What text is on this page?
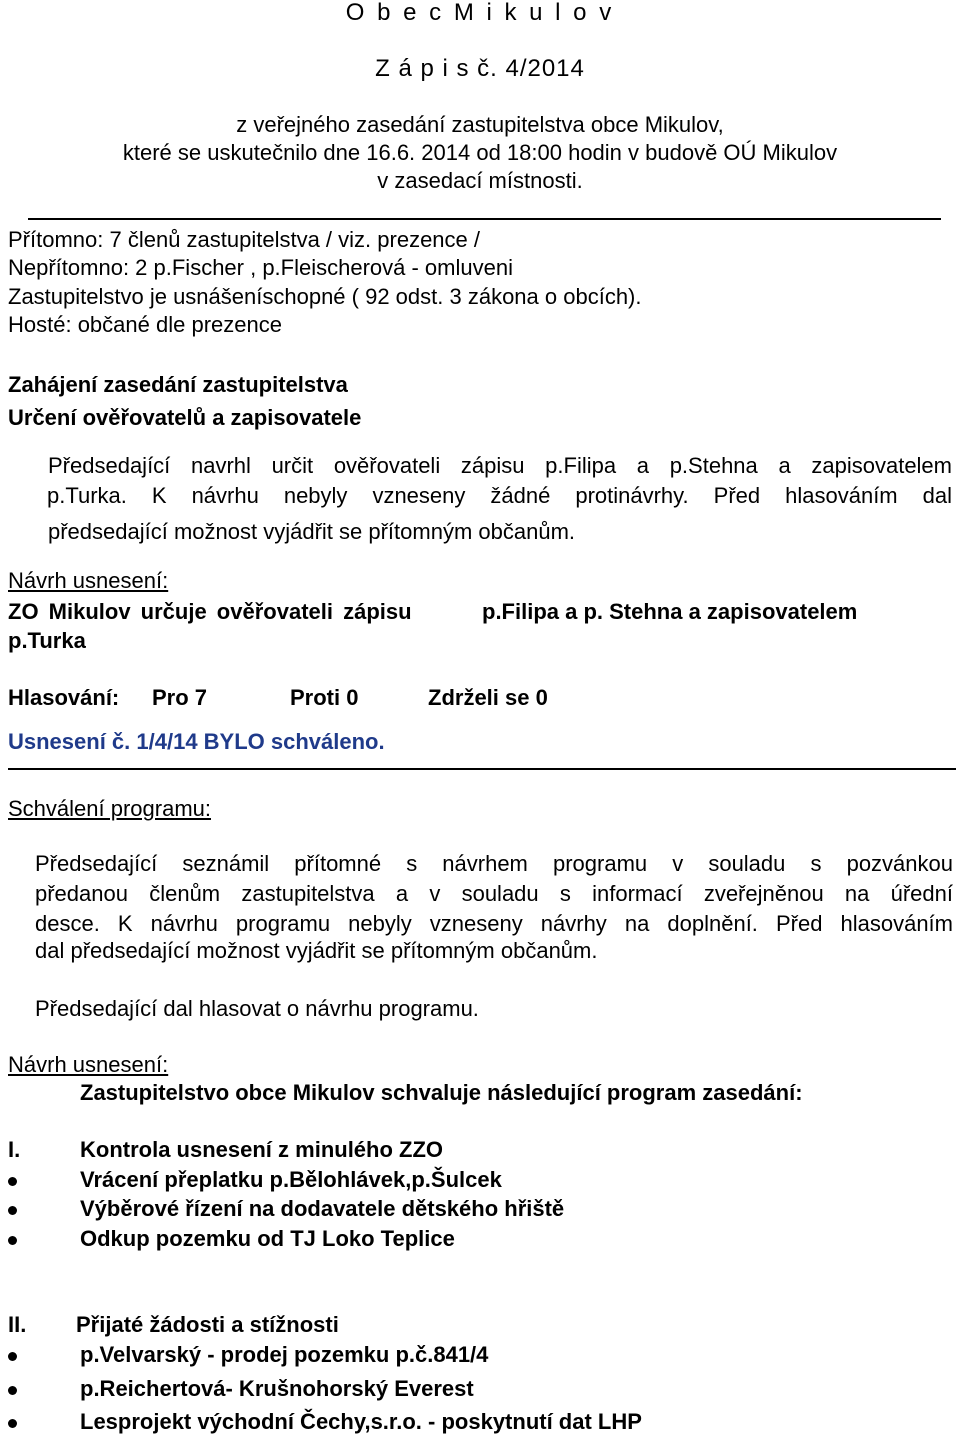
O b e c M i k u l o v
Z á p i s č. 4/2014
z veřejného zasedání zastupitelstva obce Mikulov,
které se uskutečnilo dne 16.6. 2014 od 18:00 hodin v budově OÚ Mikulov
v zasedací místnosti.
Přítomno: 7 členů zastupitelstva / viz. prezence /
Nepřítomno: 2 p.Fischer , p.Fleischerová - omluveni
Zastupitelstvo je usnášeníschopné ( 92 odst. 3 zákona o obcích).
Hosté: občané dle prezence
Zahájení zasedání zastupitelstva
Určení ověřovatelů a zapisovatele
Předsedající navrhl určit ověřovateli zápisu p.Filipa a p.Stehna a zapisovatelem
p.Turka. K návrhu nebyly vzneseny žádné protinávrhy. Před hlasováním dal
předsedající možnost vyjádřit se přítomným občanům.
Návrh usnesení:
ZO Mikulov určuje ověřovateli zápisu	p.Filipa a p. Stehna a zapisovatelem
p.Turka
Hlasování: Pro 7	Proti 0	Zdrželi se 0
Usnesení č. 1/4/14 BYLO schváleno.
Schválení programu:
Předsedající seznámil přítomné s návrhem programu v souladu s pozvánkou
předanou členům zastupitelstva a v souladu s informací zveřejněnou na úřední
desce. K návrhu programu nebyly vzneseny návrhy na doplnění. Před hlasováním
dal předsedající možnost vyjádřit se přítomným občanům.
Předsedající dal hlasovat o návrhu programu.
Návrh usnesení:
Zastupitelstvo obce Mikulov schvaluje následující program zasedání:
I.	Kontrola usnesení z minulého ZZO
Vrácení přeplatku p.Bělohlávek,p.Šulcek
Výběrové řízení na dodavatele dětského hřiště
Odkup pozemku od TJ Loko Teplice
II. Přijaté žádosti a stížnosti
p.Velvarský - prodej pozemku p.č.841/4
p.Reichertová- Krušnohorský Everest
Lesprojekt východní Čechy,s.r.o. - poskytnutí dat LHP
